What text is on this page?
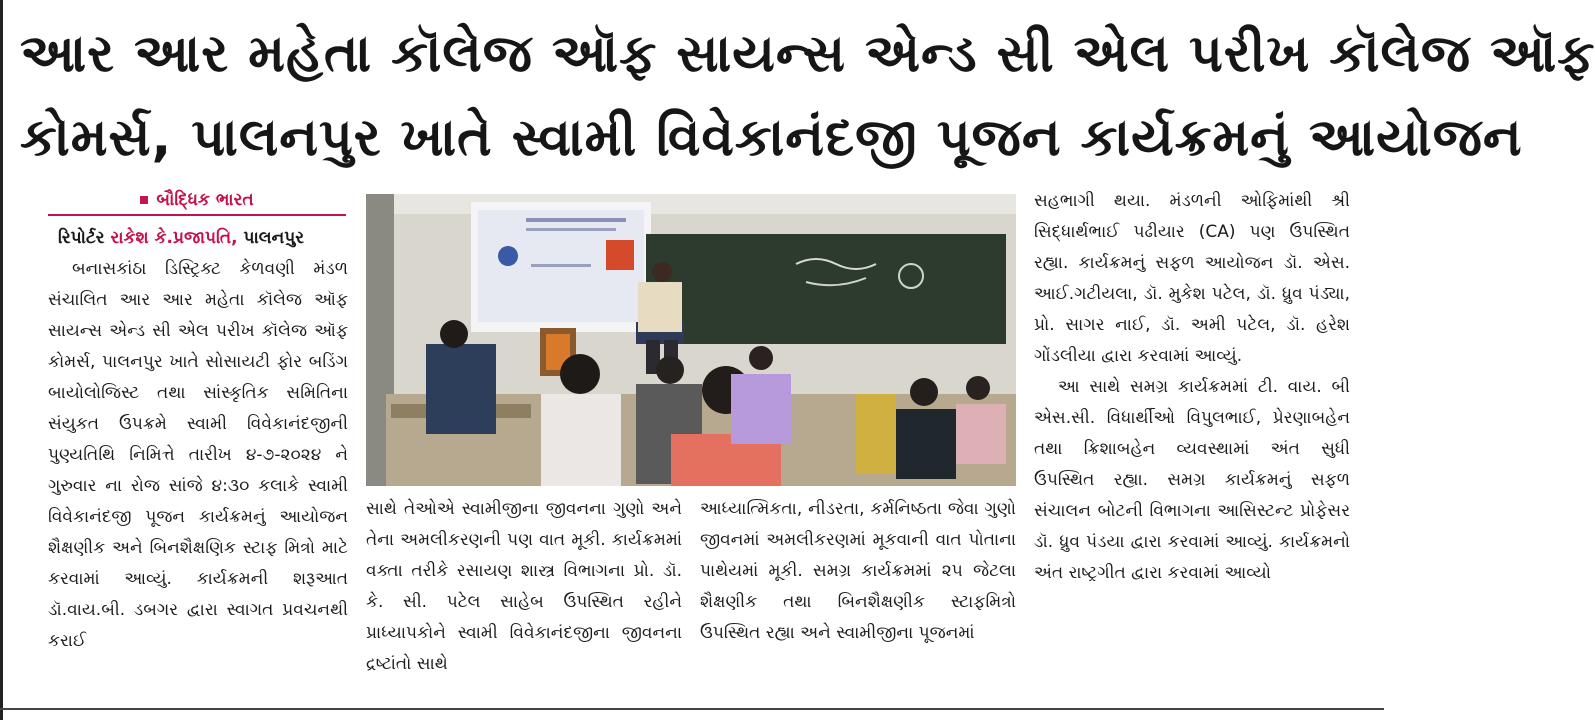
આર આર મહેતા કૉલેજ ઑફ સાયન્સ એન્ડ સી એલ પરીખ કૉલેજ ઑફ
કોમર્સ, પાલનપુર ખાતે સ્વામી વિવેકાનંદજી પૂજન કાર્યક્રમનું આયોજન
બૌદ્ધિક ભારત
રિપોર્ટર રાકેશ કે.પ્રજાપતિ, પાલનપુર

બનાસકાંઠા ડિસ્ટ્રિક્ટ કેળવણી મંડળ સંચાલિત આર આર મહેતા કૉલેજ ઑફ સાયન્સ એન્ડ સી એલ પરીખ કૉલેજ ઑફ કોમર્સ, પાલનપુર ખાતે સોસાયટી ફોર બડિંગ બાયોલોજિસ્ટ તથા સાંસ્કૃતિક સમિતિના સંયુકત ઉપક્રમે સ્વામી વિવેકાનંદજીની પુણ્યતિથિ નિમિત્તે તારીખ ૪-૭-૨૦૨૪ ને ગુરુવાર ના રોજ સાંજે ૪:૩૦ કલાકે સ્વામી વિવેકાનંદજી પૂજન કાર્યક્રમનું આયોજન શૈક્ષણીક અને બિનશૈક્ષણિક સ્ટાફ મિત્રો માટે કરવામાં આવ્યું. કાર્યક્રમની શરૂઆત ડૉ.વાય.બી. ડબગર દ્વારા સ્વાગત પ્રવચનથી કરાઈ

સાથે તેઓએ સ્વામીજીના જીવનના ગુણો અને તેના અમલીકરણની પણ વાત મૂકી. કાર્યક્રમમાં વક્તા તરીકે રસાયણ શાસ્ત્ર વિભાગના પ્રો. ડૉ. કે. સી. પટેલ સાહેબ ઉપસ્થિત રહીને પ્રાધ્યાપકોને સ્વામી વિવેકાનંદજીના જીવનના દ્રષ્ટાંતો સાથે

આધ્યાત્મિકતા, નીડરતા, કર્મનિષ્ઠતા જેવા ગુણો જીવનમાં અમલીકરણમાં મૂકવાની વાત પોતાના પાથેયમાં મૂકી. સમગ્ર કાર્યક્રમમાં ૨૫ જેટલા શૈક્ષણીક તથા બિનશૈક્ષણીક સ્ટાફમિત્રો ઉપસ્થિત રહ્યા અને સ્વામીજીના પૂજનમાં

સહભાગી થયા. મંડળની ઓફિમાંથી શ્રી સિદ્ધાર્થભાઈ પઢીયાર (CA) પણ ઉપસ્થિત રહ્યા. કાર્યક્રમનું સફળ આયોજન ડૉ. એસ. આઈ.ગટીયલા, ડૉ. મુકેશ પટેલ, ડૉ. ધ્રુવ પંડ્યા, પ્રો. સાગર નાઈ, ડૉ. અમી પટેલ, ડૉ. હરેશ ગોંડલીયા દ્વારા કરવામાં આવ્યું.

આ સાથે સમગ્ર કાર્યક્રમમાં ટી. વાય. બી એસ.સી. વિધાર્થીઓ વિપુલભાઈ, પ્રેરણાબહેન તથા ક્રિશાબહેન વ્યવસ્થામાં અંત સુધી ઉપસ્થિત રહ્યા. સમગ્ર કાર્યક્રમનું સફળ સંચાલન બોટની વિભાગના આસિસ્ટન્ટ પ્રોફેસર ડૉ. ધ્રુવ પંડયા દ્વારા કરવામાં આવ્યું. કાર્યક્રમનો અંત રાષ્ટ્રગીત દ્વારા કરવામાં આવ્યો
